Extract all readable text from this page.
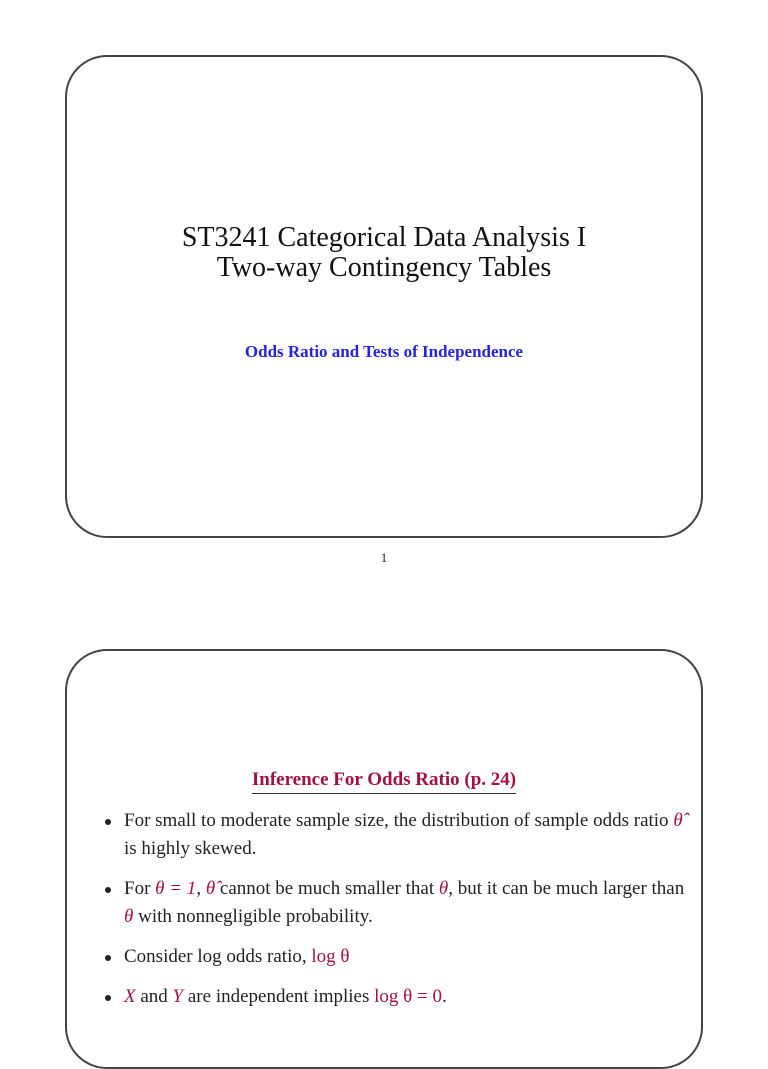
ST3241 Categorical Data Analysis I
Two-way Contingency Tables
Odds Ratio and Tests of Independence
1
Inference For Odds Ratio (p. 24)
For small to moderate sample size, the distribution of sample odds ratio θ̂ is highly skewed.
For θ = 1, θ̂ cannot be much smaller that θ, but it can be much larger than θ with nonnegligible probability.
Consider log odds ratio, log θ
X and Y are independent implies log θ = 0.
